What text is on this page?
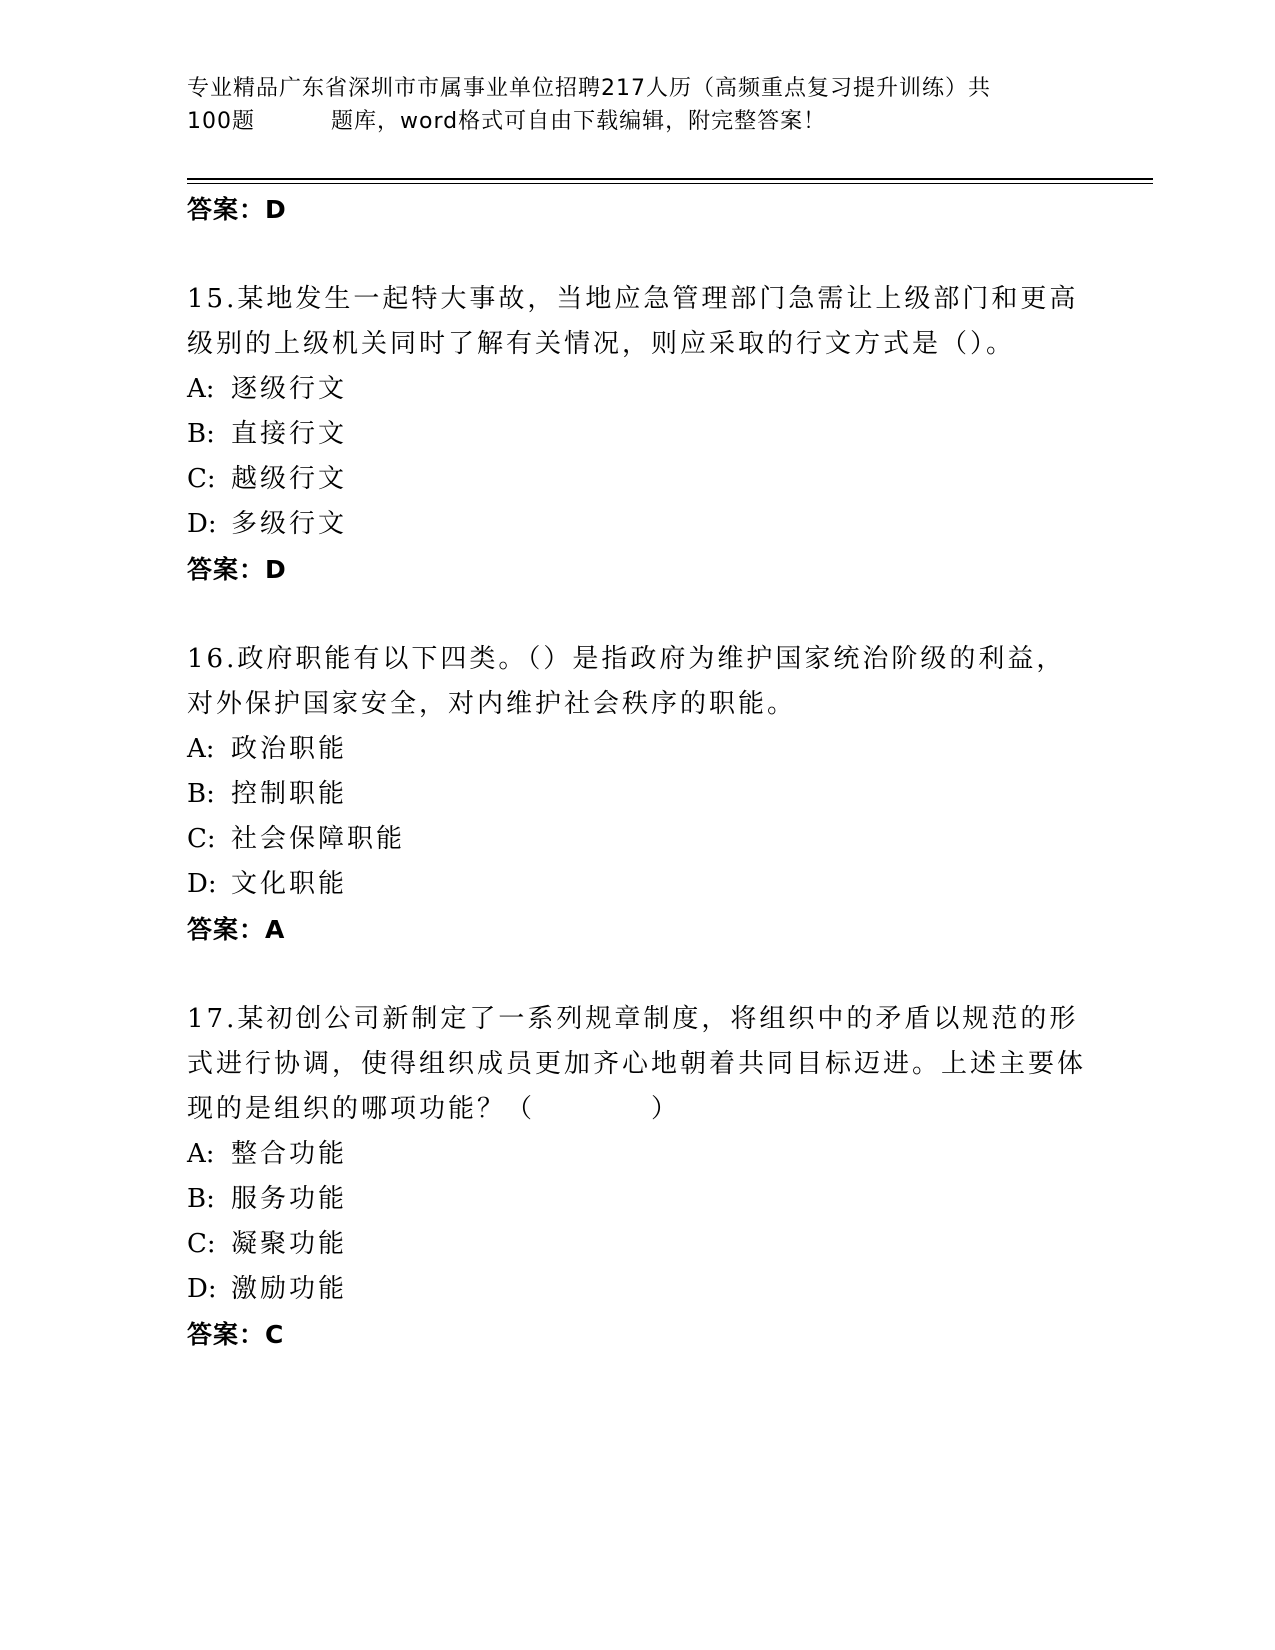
专业精品广东省深圳市市属事业单位招聘217人历（高频重点复习提升训练）共
100题	题库，word格式可自由下载编辑，附完整答案！

答案：D

15.某地发生一起特大事故，当地应急管理部门急需让上级部门和更高级别的上级机关同时了解有关情况，则应采取的行文方式是（）。

A: 逐级行文

B: 直接行文

C: 越级行文

D: 多级行文

答案：D

16.政府职能有以下四类。（）是指政府为维护国家统治阶级的利益，对外保护国家安全，对内维护社会秩序的职能。

A: 政治职能

B: 控制职能

C: 社会保障职能

D: 文化职能

答案：A

17.某初创公司新制定了一系列规章制度，将组织中的矛盾以规范的形式进行协调，使得组织成员更加齐心地朝着共同目标迈进。上述主要体现的是组织的哪项功能？（　　　　）

A: 整合功能

B: 服务功能

C: 凝聚功能

D: 激励功能

答案：C
